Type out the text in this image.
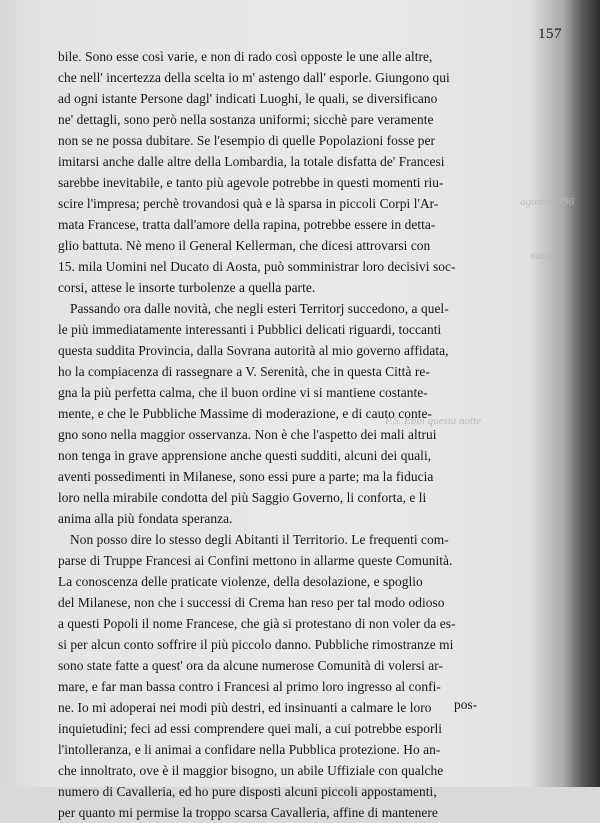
agosto 1796
nuove
P.S. Ebbi questa notte
157
bile. Sono esse così varie, e non di rado così opposte le une alle altre,
che nell' incertezza della scelta io m' astengo dall' esporle. Giungono qui
ad ogni istante Persone dagl' indicati Luoghi, le quali, se diversificano
ne' dettagli, sono però nella sostanza uniformi; sicchè pare veramente
non se ne possa dubitare. Se l'esempio di quelle Popolazioni fosse per
imitarsi anche dalle altre della Lombardia, la totale disfatta de' Francesi
sarebbe inevitabile, e tanto più agevole potrebbe in questi momenti riu-
scire l'impresa; perchè trovandosi quà e là sparsa in piccoli Corpi l'Ar-
mata Francese, tratta dall'amore della rapina, potrebbe essere in detta-
glio battuta. Nè meno il General Kellerman, che dicesi attrovarsi con
15. mila Uomini nel Ducato di Aosta, può somministrar loro decisivi soc-
corsi, attese le insorte turbolenze a quella parte.
Passando ora dalle novità, che negli esteri Territorj succedono, a quel-
le più immediatamente interessanti i Pubblici delicati riguardi, toccanti
questa suddita Provincia, dalla Sovrana autorità al mio governo affidata,
ho la compiacenza di rassegnare a V. Serenità, che in questa Città re-
gna la più perfetta calma, che il buon ordine vi si mantiene costante-
mente, e che le Pubbliche Massime di moderazione, e di cauto conte-
gno sono nella maggior osservanza. Non è che l'aspetto dei mali altrui
non tenga in grave apprensione anche questi sudditi, alcuni dei quali,
aventi possedimenti in Milanese, sono essi pure a parte; ma la fiducia
loro nella mirabile condotta del più Saggio Governo, li conforta, e li
anima alla più fondata speranza.
Non posso dire lo stesso degli Abitanti il Territorio. Le frequenti com-
parse di Truppe Francesi ai Confini mettono in allarme queste Comunità.
La conoscenza delle praticate violenze, della desolazione, e spoglio
del Milanese, non che i successi di Crema han reso per tal modo odioso
a questi Popoli il nome Francese, che già si protestano di non voler da es-
si per alcun conto soffrire il più piccolo danno. Pubbliche rimostranze mi
sono state fatte a quest' ora da alcune numerose Comunità di volersi ar-
mare, e far man bassa contro i Francesi al primo loro ingresso al confi-
ne. Io mi adoperai nei modi più destri, ed insinuanti a calmare le loro
inquietudini; feci ad essi comprendere quei mali, a cui potrebbe esporli
l'intolleranza, e li animai a confidare nella Pubblica protezione. Ho an-
che innoltrato, ove è il maggior bisogno, un abile Uffiziale con qualche
numero di Cavalleria, ed ho pure disposti alcuni piccoli appostamenti,
per quanto mi permise la troppo scarsa Cavalleria, affine di mantenere
pos-
